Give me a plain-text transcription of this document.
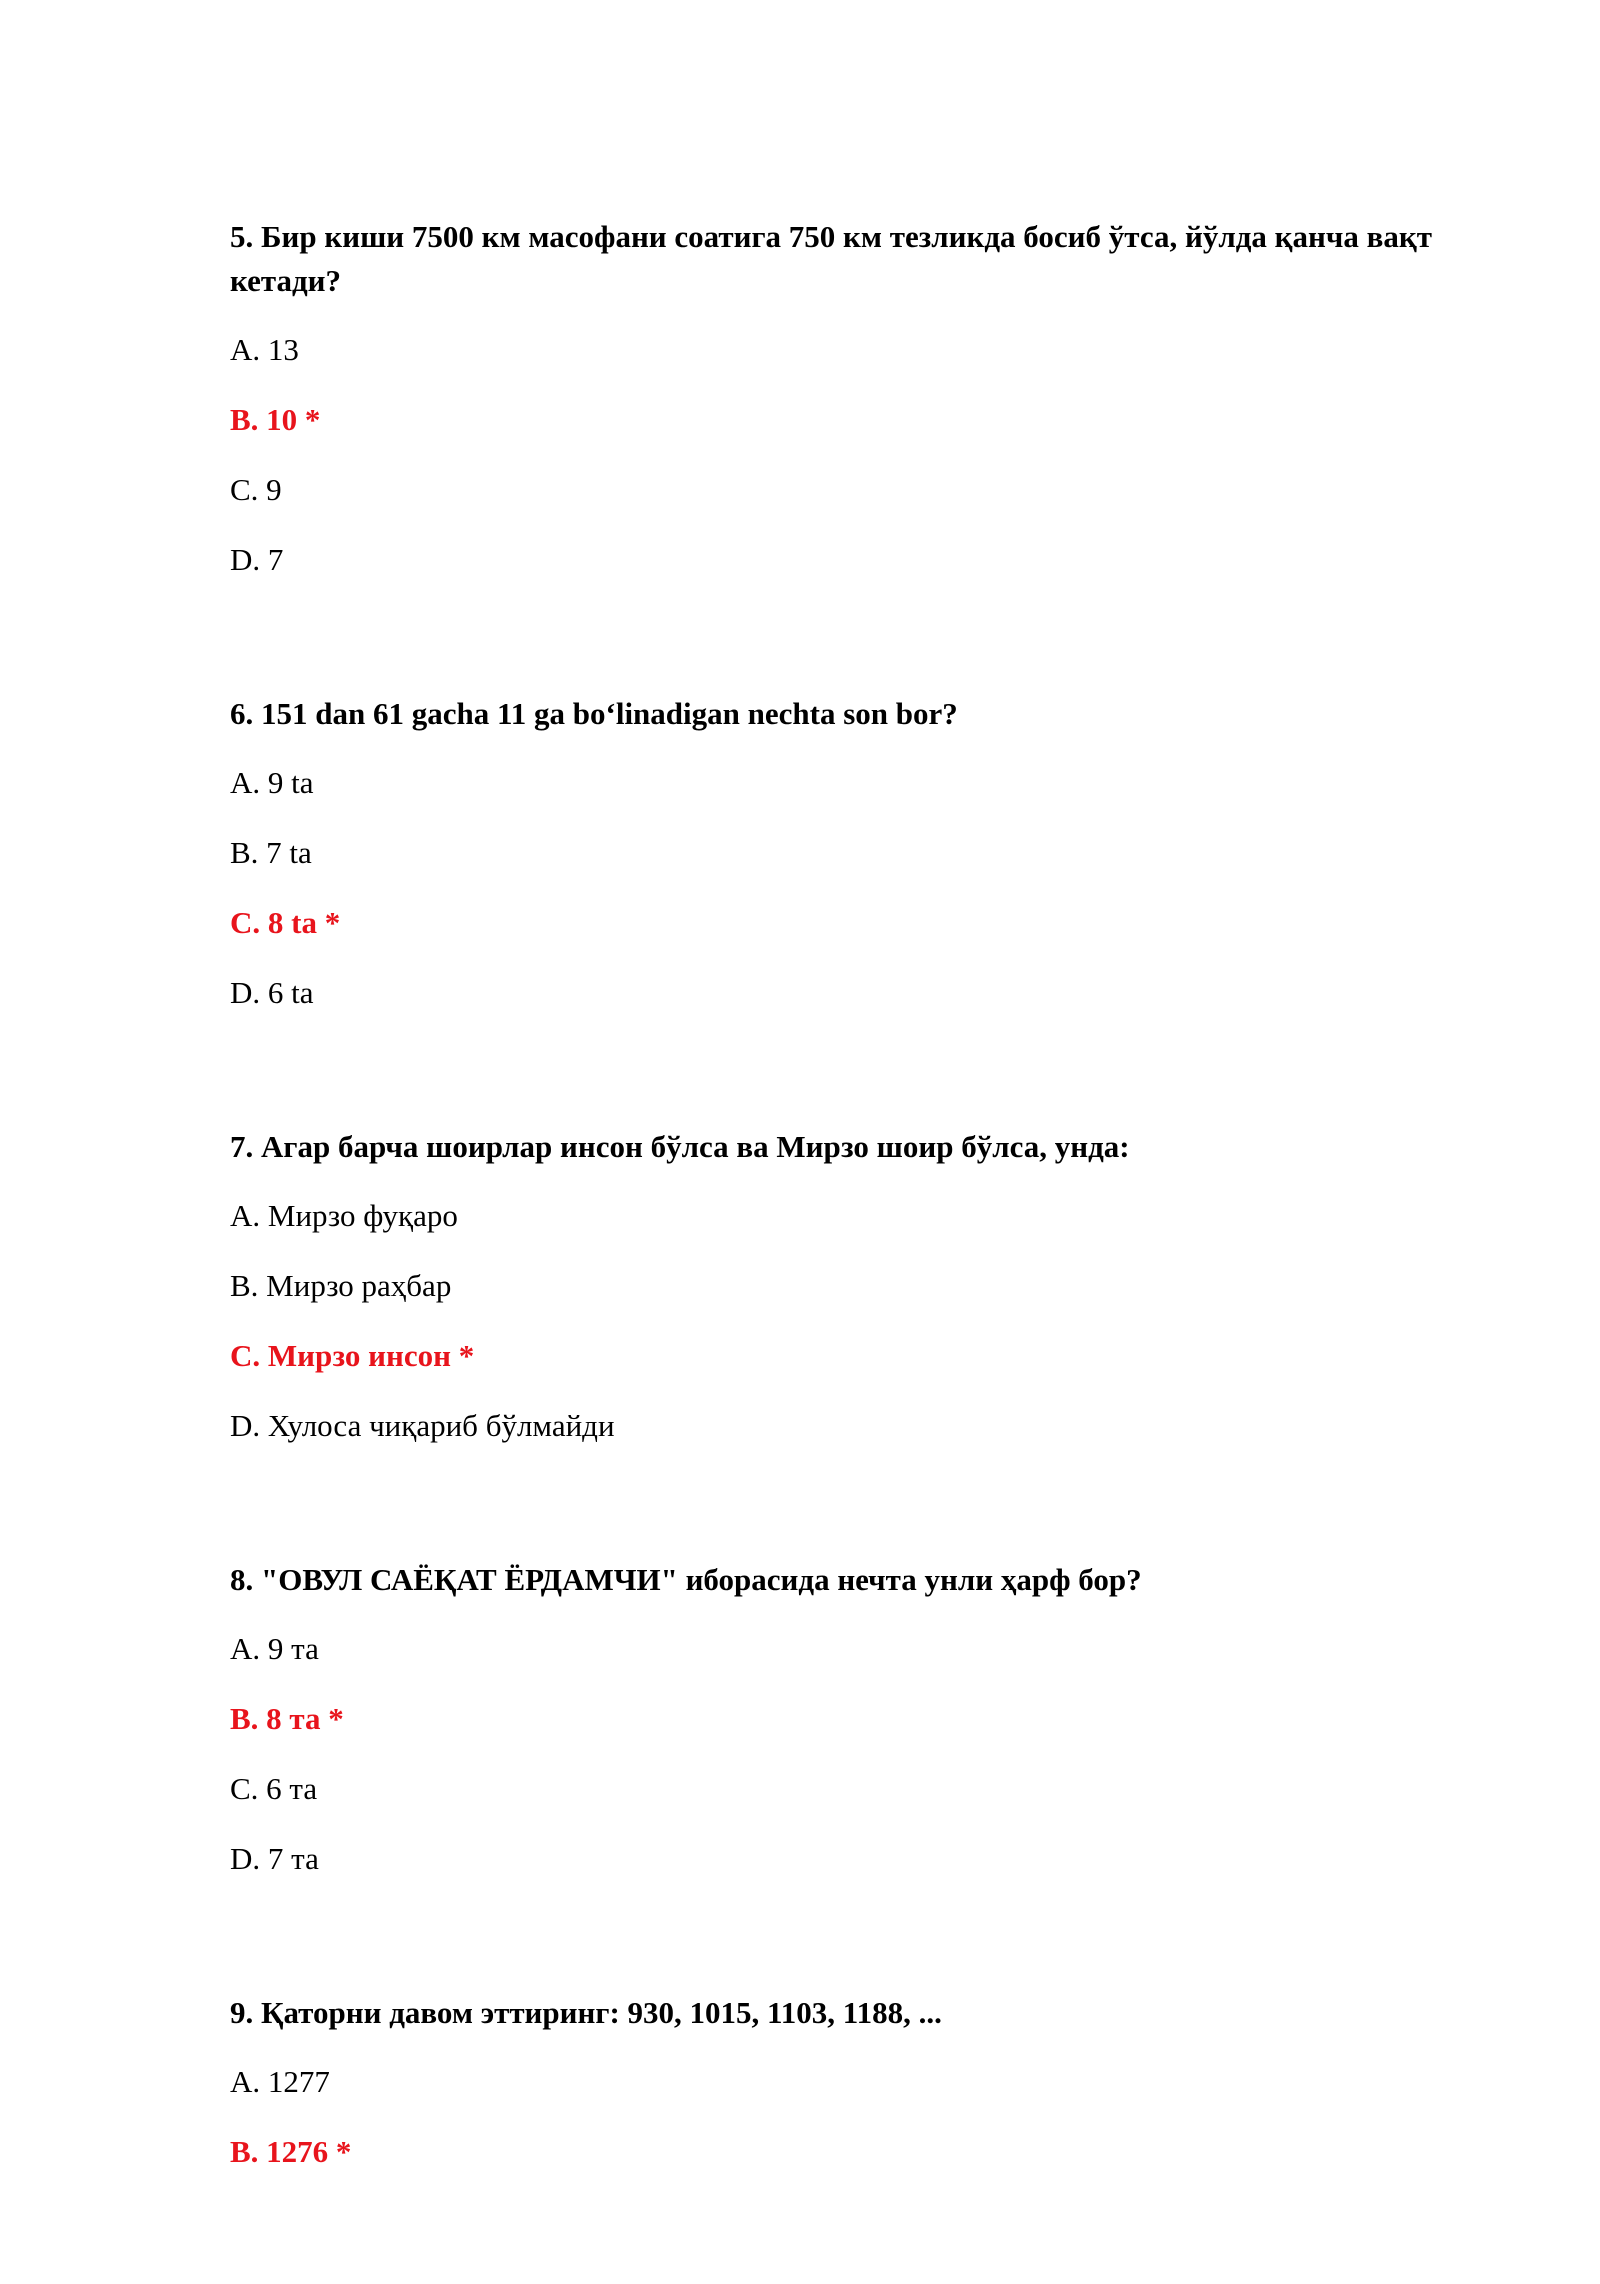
5. Бир киши 7500 км масофани соатига 750 км тезликда босиб ўтса, йўлда қанча вақт кетади?

A. 13

B. 10 *

C. 9

D. 7

6. 151 dan 61 gacha 11 ga bo‘linadigan nechta son bor?

A. 9 ta

B. 7 ta

C. 8 ta *

D. 6 ta

7. Агар барча шоирлар инсон бўлса ва Мирзо шоир бўлса, унда:

A. Мирзо фуқаро

B. Мирзо раҳбар

C. Мирзо инсон *

D. Хулоса чиқариб бўлмайди

8. "ОВУЛ САЁҚАТ ЁРДАМЧИ" иборасида нечта унли ҳарф бор?

A. 9 та

B. 8 та *

C. 6 та

D. 7 та

9. Қаторни давом эттиринг: 930, 1015, 1103, 1188, ...

A. 1277

B. 1276 *
